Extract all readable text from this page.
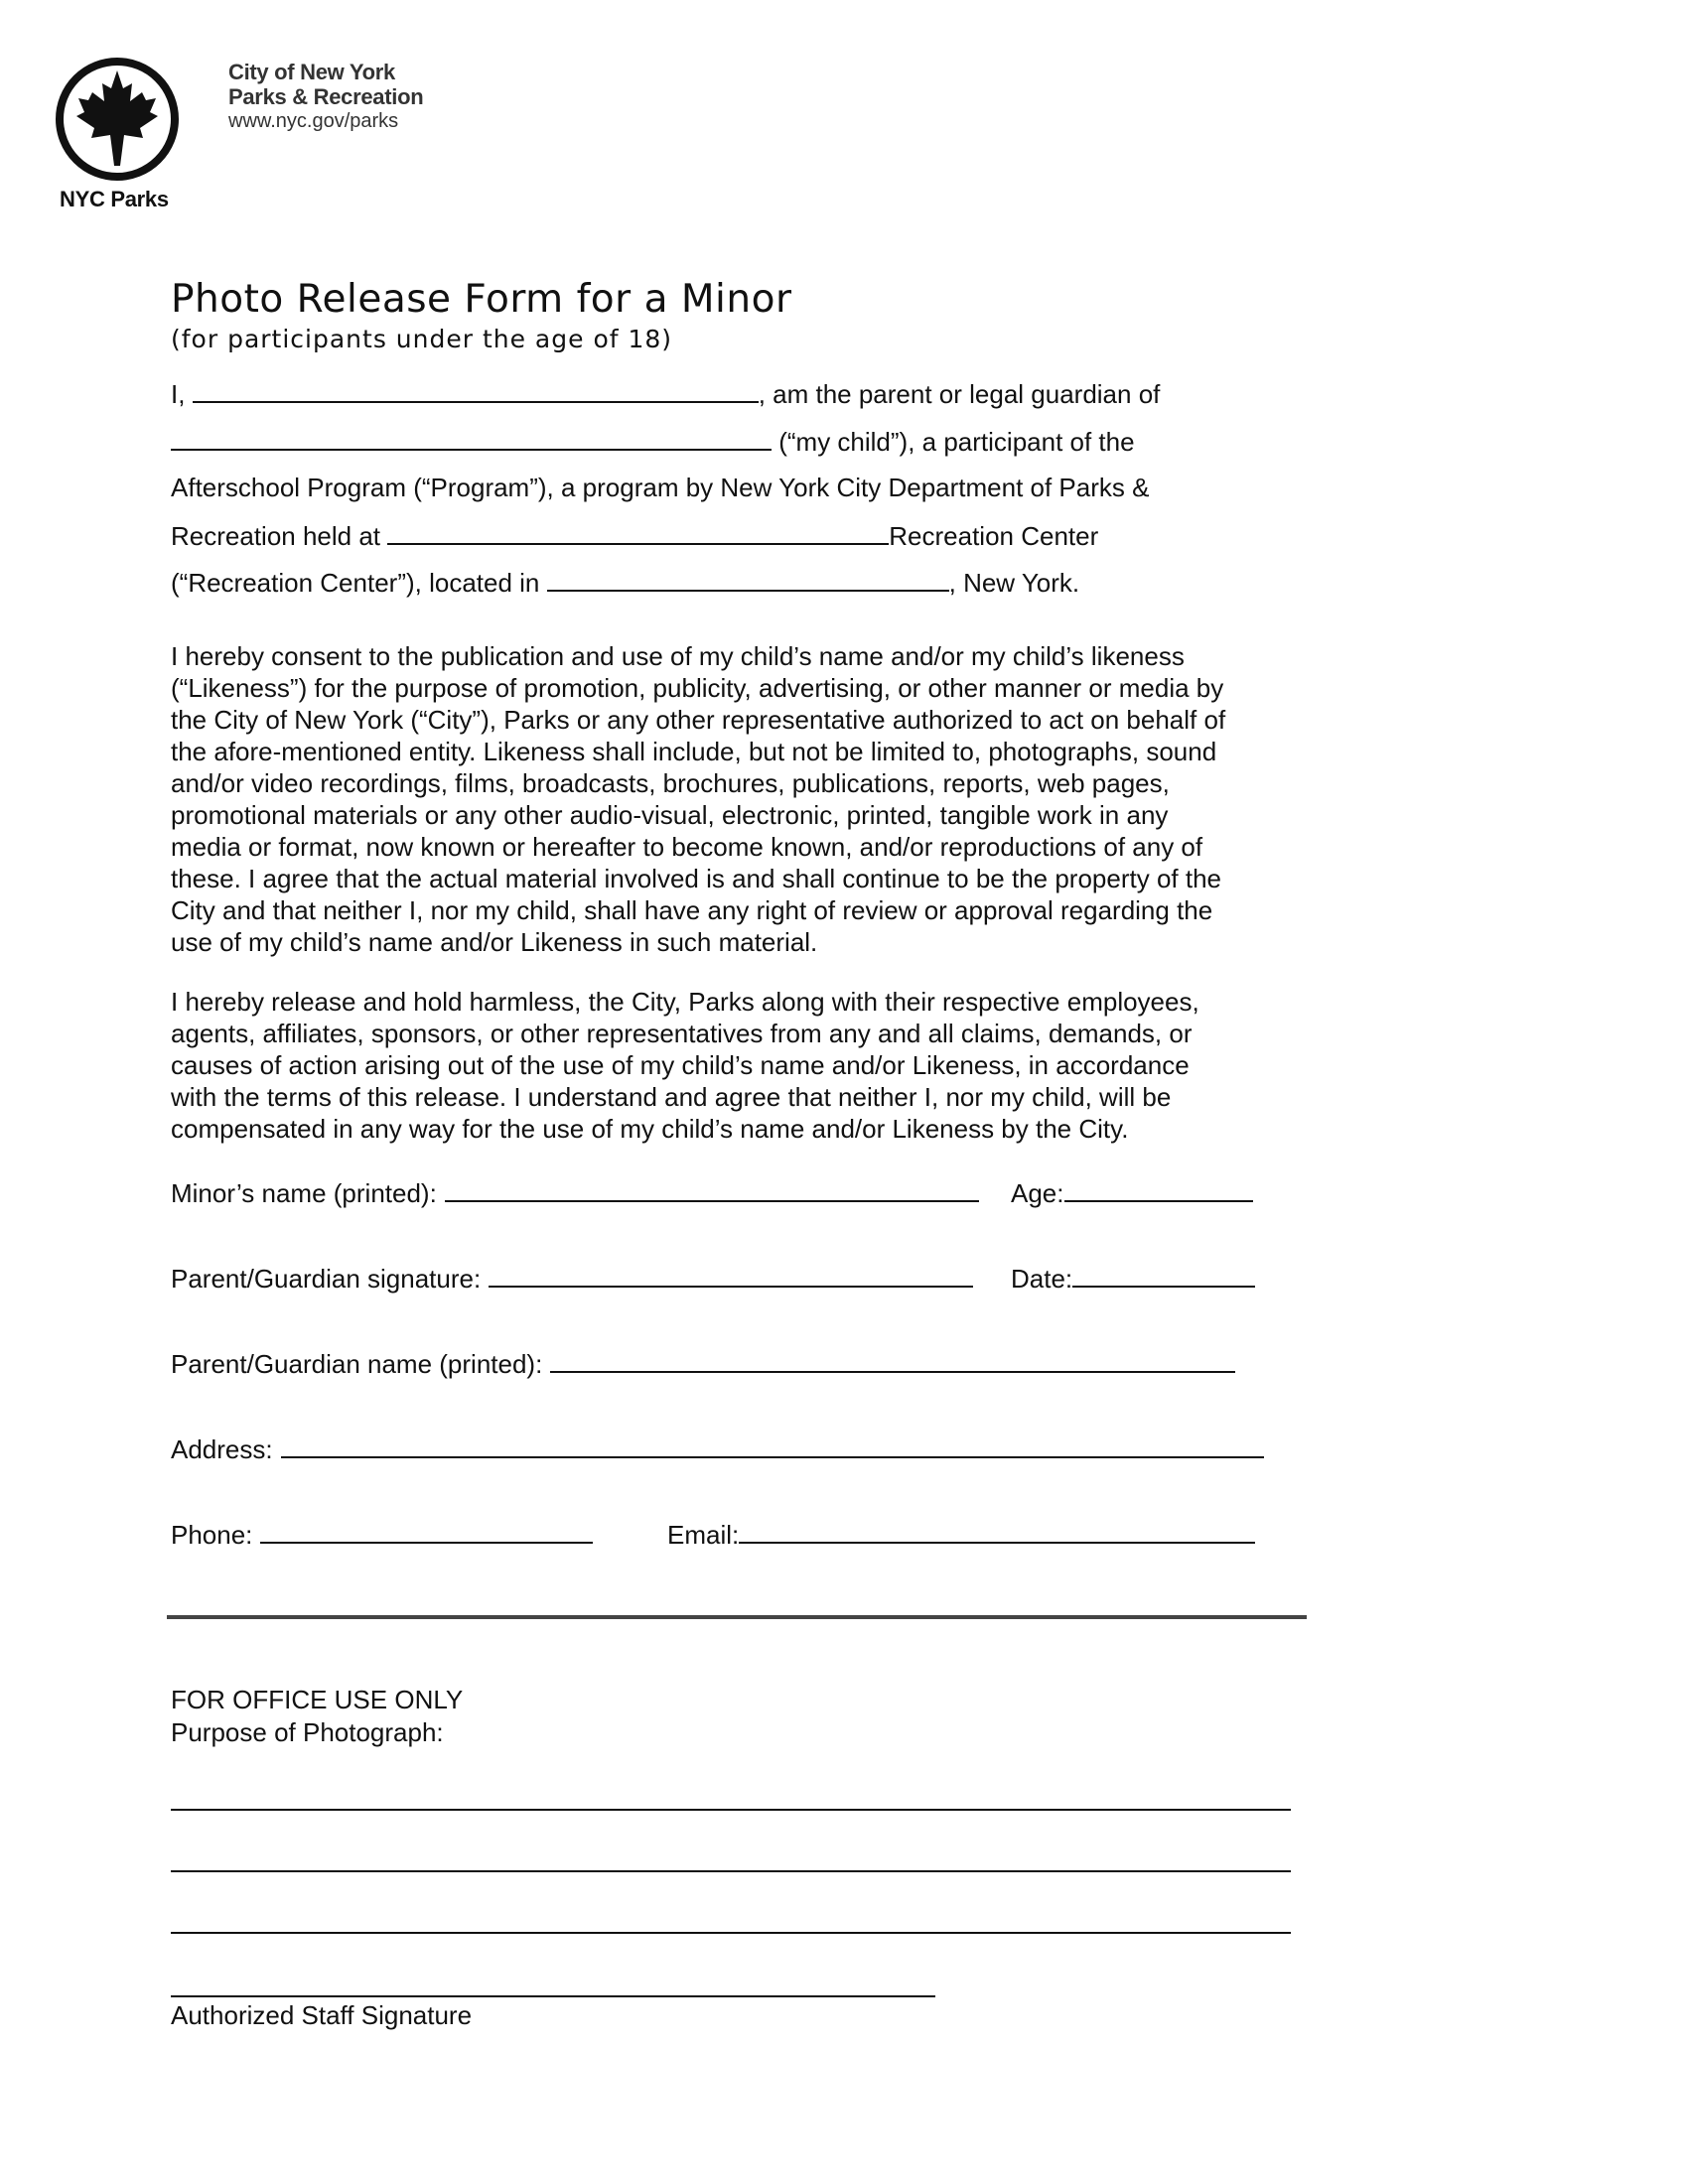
NYC Parks
City of New York
Parks & Recreation
www.nyc.gov/parks
Photo Release Form for a Minor
(for participants under the age of 18)
I,	, am the parent or legal guardian of
(“my child”), a participant of the
Afterschool Program (“Program”), a program by New York City Department of Parks &
Recreation held at	Recreation Center
(“Recreation Center”), located in	, New York.
I hereby consent to the publication and use of my child’s name and/or my child’s likeness
(“Likeness”) for the purpose of promotion, publicity, advertising, or other manner or media by
the City of New York (“City”), Parks or any other representative authorized to act on behalf of
the afore-mentioned entity. Likeness shall include, but not be limited to, photographs, sound
and/or video recordings, films, broadcasts, brochures, publications, reports, web pages,
promotional materials or any other audio-visual, electronic, printed, tangible work in any
media or format, now known or hereafter to become known, and/or reproductions of any of
these. I agree that the actual material involved is and shall continue to be the property of the
City and that neither I, nor my child, shall have any right of review or approval regarding the
use of my child’s name and/or Likeness in such material.
I hereby release and hold harmless, the City, Parks along with their respective employees,
agents, affiliates, sponsors, or other representatives from any and all claims, demands, or
causes of action arising out of the use of my child’s name and/or Likeness, in accordance
with the terms of this release. I understand and agree that neither I, nor my child, will be
compensated in any way for the use of my child’s name and/or Likeness by the City.
Minor’s name (printed):	Age:
Parent/Guardian signature:	Date:
Parent/Guardian name (printed):
Address:
Phone:	Email:
FOR OFFICE USE ONLY
Purpose of Photograph:
Authorized Staff Signature
